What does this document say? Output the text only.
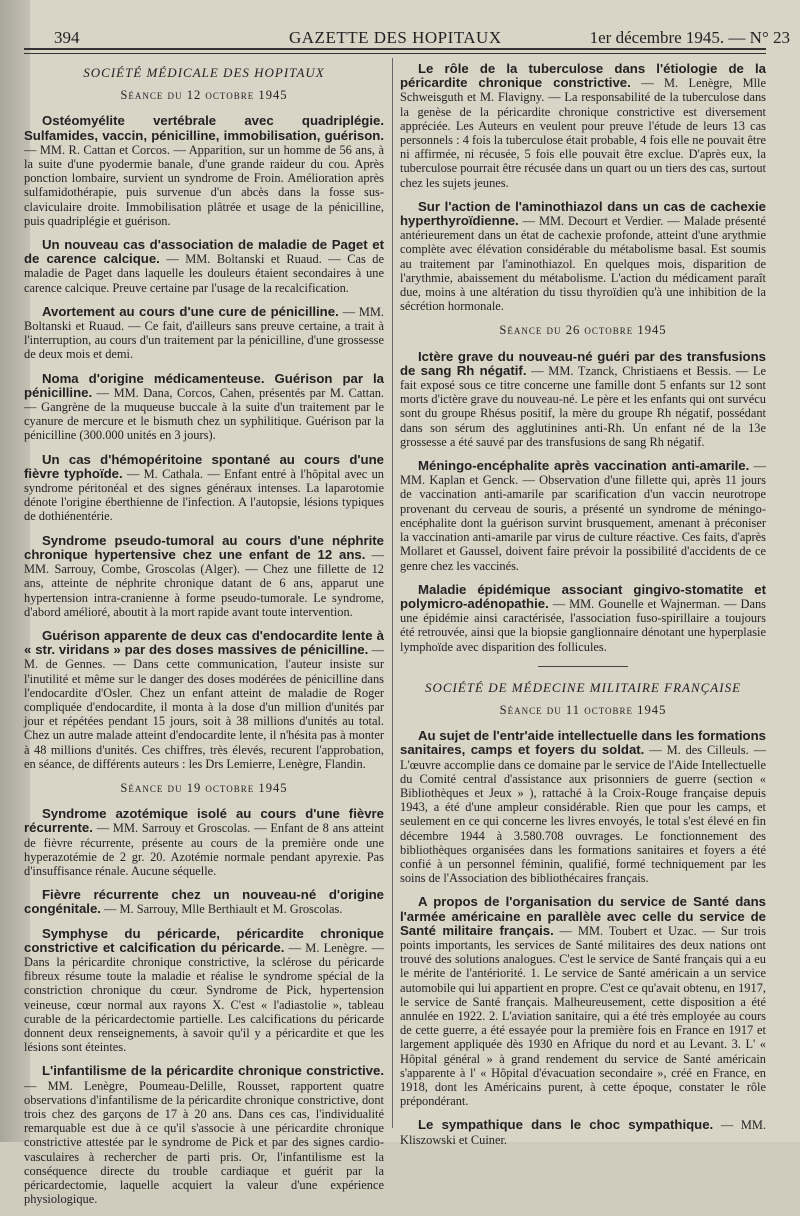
394	GAZETTE DES HOPITAUX	1er décembre 1945. — N° 23
SOCIÉTÉ MÉDICALE DES HOPITAUX
Séance du 12 octobre 1945

Ostéomyélite vertébrale avec quadriplégie. Sulfamides, vaccin, pénicilline, immobilisation, guérison. — MM. R. Cattan et Corcos. — Apparition, sur un homme de 56 ans, à la suite d'une pyodermie banale, d'une grande raideur du cou. Après ponction lombaire, survient un syndrome de Froin. Amélioration après sulfamidothérapie, puis survenue d'un abcès dans la fosse sus-claviculaire droite. Immobilisation plâtrée et usage de la pénicilline, puis quadriplégie et guérison.

Un nouveau cas d'association de maladie de Paget et de carence calcique. — MM. Boltanski et Ruaud. — Cas de maladie de Paget dans laquelle les douleurs étaient secondaires à une carence calcique. Preuve certaine par l'usage de la recalcification.

Avortement au cours d'une cure de pénicilline. — MM. Boltanski et Ruaud. — Ce fait, d'ailleurs sans preuve certaine, a trait à l'interruption, au cours d'un traitement par la pénicilline, d'une grossesse de deux mois et demi.

Noma d'origine médicamenteuse. Guérison par la pénicilline. — MM. Dana, Corcos, Cahen, présentés par M. Cattan. — Gangrène de la muqueuse buccale à la suite d'un traitement par le cyanure de mercure et le bismuth chez un syphilitique. Guérison par la pénicilline (300.000 unités en 3 jours).

Un cas d'hémopéritoine spontané au cours d'une fièvre typhoïde. — M. Cathala. — Enfant entré à l'hôpital avec un syndrome péritonéal et des signes généraux intenses. La laparotomie dénote l'origine éberthienne de l'infection. A l'autopsie, lésions typiques de dothiénentérie.

Syndrome pseudo-tumoral au cours d'une néphrite chronique hypertensive chez une enfant de 12 ans. — MM. Sarrouy, Combe, Groscolas (Alger). — Chez une fillette de 12 ans, atteinte de néphrite chronique datant de 6 ans, apparut une hypertension intra-cranienne à forme pseudo-tumorale. Le syndrome, d'abord amélioré, aboutit à la mort rapide avant toute intervention.

Guérison apparente de deux cas d'endocardite lente à « str. viridans » par des doses massives de pénicilline. — M. de Gennes. — Dans cette communication, l'auteur insiste sur l'inutilité et même sur le danger des doses modérées de pénicilline dans l'endocardite d'Osler. Chez un enfant atteint de maladie de Roger compliquée d'endocardite, il monta à la dose d'un million d'unités par jour et répétées pendant 15 jours, soit à 38 millions d'unités au total. Chez un autre malade atteint d'endocardite lente, il n'hésita pas à monter à 48 millions d'unités. Ces chiffres, très élevés, recurent l'approbation, en séance, de différents auteurs : les Drs Lemierre, Lenègre, Flandin.

Séance du 19 octobre 1945

Syndrome azotémique isolé au cours d'une fièvre récurrente. — MM. Sarrouy et Groscolas. — Enfant de 8 ans atteint de fièvre récurrente, présente au cours de la première onde une hyperazotémie de 2 gr. 20. Azotémie normale pendant apyrexie. Pas d'insuffisance rénale. Aucune séquelle.

Fièvre récurrente chez un nouveau-né d'origine congénitale. — M. Sarrouy, Mlle Berthiault et M. Groscolas.

Symphyse du péricarde, péricardite chronique constrictive et calcification du péricarde. — M. Lenègre. — Dans la péricardite chronique constrictive, la sclérose du péricarde fibreux résume toute la maladie et réalise le syndrome spécial de la constriction chronique du cœur. Syndrome de Pick, hypertension veineuse, cœur normal aux rayons X. C'est « l'adiastolie », tableau curable de la péricardectomie partielle. Les calcifications du péricarde donnent deux renseignements, à savoir qu'il y a péricardite et que les lésions sont éteintes.

L'infantilisme de la péricardite chronique constrictive. — MM. Lenègre, Poumeau-Delille, Rousset, rapportent quatre observations d'infantilisme de la péricardite chronique constrictive, dont trois chez des garçons de 17 à 20 ans. Dans ces cas, l'individualité remarquable est due à ce qu'il s'associe à une péricardite chronique constrictive attestée par le syndrome de Pick et par des signes cardio-vasculaires à rechercher de parti pris. Or, l'infantilisme est la conséquence directe du trouble cardiaque et guérit par la péricardectomie, laquelle acquiert la valeur d'une expérience physiologique.

Le rôle de la tuberculose dans l'étiologie de la péricardite chronique constrictive. — M. Lenègre, Mlle Schweisguth et M. Flavigny. — La responsabilité de la tuberculose dans la genèse de la péricardite chronique constrictive est diversement appréciée. Les Auteurs en veulent pour preuve l'étude de leurs 13 cas personnels : 4 fois la tuberculose était probable, 4 fois elle ne pouvait être ni affirmée, ni récusée, 5 fois elle pouvait être exclue. D'après eux, la tuberculose pourrait être récusée dans un quart ou un tiers des cas, surtout chez les sujets jeunes.

Sur l'action de l'aminothiazol dans un cas de cachexie hyperthyroïdienne. — MM. Decourt et Verdier. — Malade présenté antérieurement dans un état de cachexie profonde, atteint d'une arythmie complète avec élévation considérable du métabolisme basal. Est soumis au traitement par l'aminothiazol. En quelques mois, disparition de l'arythmie, abaissement du métabolisme. L'action du médicament paraît due, moins à une altération du tissu thyroïdien qu'à une inhibition de la sécrétion hormonale.

Séance du 26 octobre 1945

Ictère grave du nouveau-né guéri par des transfusions de sang Rh négatif. — MM. Tzanck, Christiaens et Bessis. — Le fait exposé sous ce titre concerne une famille dont 5 enfants sur 12 sont morts d'ictère grave du nouveau-né. Le père et les enfants qui ont survécu sont du groupe Rhésus positif, la mère du groupe Rh négatif, possédant dans son sérum des agglutinines anti-Rh. Un enfant né de la 13e grossesse a été sauvé par des transfusions de sang Rh négatif.

Méningo-encéphalite après vaccination anti-amarile. — MM. Kaplan et Genck. — Observation d'une fillette qui, après 11 jours de vaccination anti-amarile par scarification d'un vaccin neurotrope provenant du cerveau de souris, a présenté un syndrome de méningo-encéphalite dont la guérison survint brusquement, amenant à préconiser la vaccination anti-amarile par virus de culture réactive. Ces faits, d'après Mollaret et Gaussel, doivent faire prévoir la possibilité d'accidents de ce genre chez les vaccinés.

Maladie épidémique associant gingivo-stomatite et polymicro-adénopathie. — MM. Gounelle et Wajnerman. — Dans une épidémie ainsi caractérisée, l'association fuso-spirillaire a toujours été retrouvée, ainsi que la biopsie ganglionnaire dénotant une hyperplasie lymphoïde avec disparition des follicules.

SOCIÉTÉ DE MÉDECINE MILITAIRE FRANÇAISE
Séance du 11 octobre 1945

Au sujet de l'entr'aide intellectuelle dans les formations sanitaires, camps et foyers du soldat. — M. des Cilleuls. — L'œuvre accomplie dans ce domaine par le service de l'Aide Intellectuelle du Comité central d'assistance aux prisonniers de guerre (section « Bibliothèques et Jeux » ), rattaché à la Croix-Rouge française depuis 1943, a été d'une ampleur considérable. Rien que pour les camps, et seulement en ce qui concerne les livres envoyés, le total s'est élevé en fin décembre 1944 à 3.580.708 ouvrages. Le fonctionnement des bibliothèques organisées dans les formations sanitaires et foyers a été confié à un personnel féminin, qualifié, formé techniquement par les soins de l'Association des bibliothécaires français.

A propos de l'organisation du service de Santé dans l'armée américaine en parallèle avec celle du service de Santé militaire français. — MM. Toubert et Uzac. — Sur trois points importants, les services de Santé militaires des deux nations ont trouvé des solutions analogues. C'est le service de Santé français qui a eu le mérite de l'antériorité. 1. Le service de Santé américain a un service automobile qui lui appartient en propre. C'est ce qu'avait obtenu, en 1917, le service de Santé français. Malheureusement, cette disposition a été annulée en 1922. 2. L'aviation sanitaire, qui a été très employée au cours de cette guerre, a été essayée pour la première fois en France en 1917 et largement appliquée dès 1930 en Afrique du nord et au Levant. 3. L' « Hôpital général » à grand rendement du service de Santé américain s'apparente à l' « Hôpital d'évacuation secondaire », créé en France, en 1918, dont les Américains purent, à cette époque, constater le rôle prépondérant.

Le sympathique dans le choc sympathique. — MM. Kliszowski et Cuiner.
